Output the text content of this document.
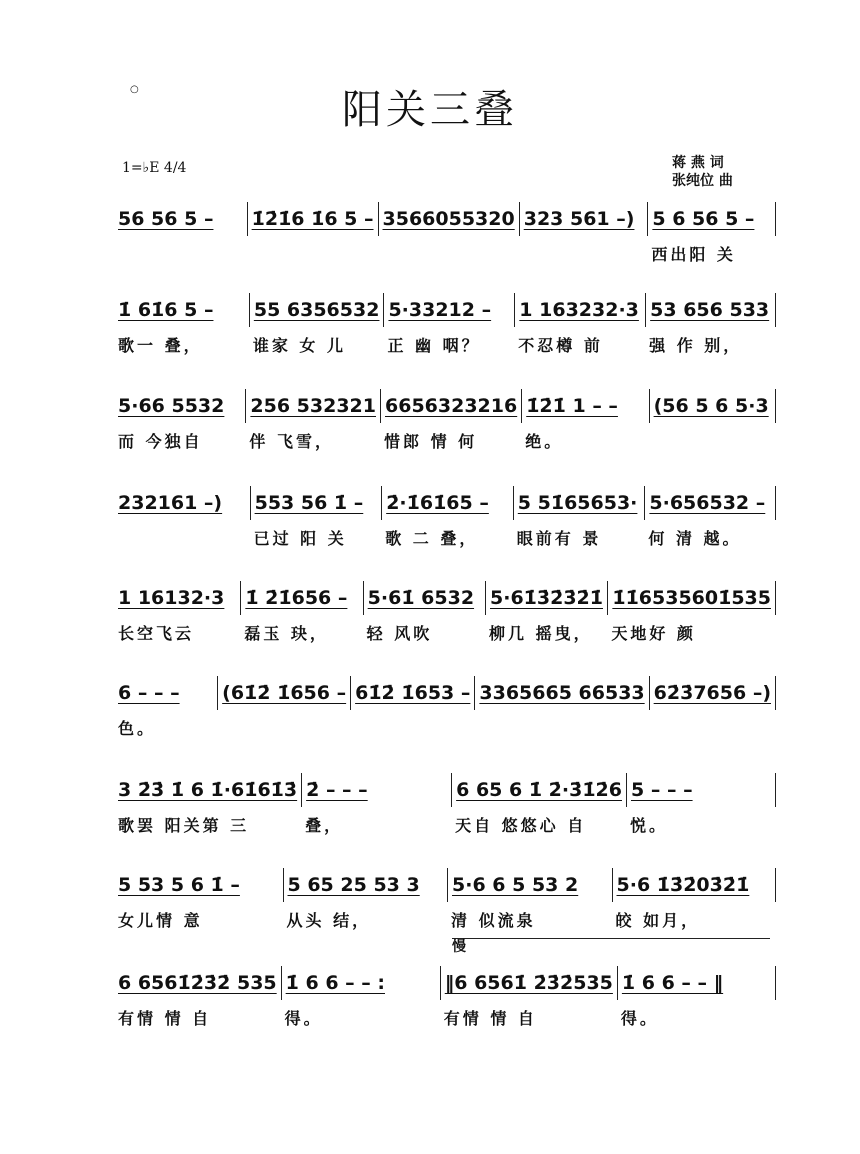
○	阳关三叠
1=♭E 4/4	蒋 燕 词
张纯位 曲
慢
56 56 5 –	1̇2̇1̇6 1̇6 5 – 3566055320 323 561 –) 5 6 56 5 –
西出阳 关
1̇ 61̇6 5 –
歌一 叠，
55 6356532
谁家 女 儿
5·33212 –
正 幽 咽？
1 163232·3
不忍樽 前
53 656 533
强 作 别，
5·66 5532
而 今独自
256 532321
伴 飞雪，
6656323216
惜郎 情 何
1̇2̇1̇ 1 – –
绝。
(56 5 6 5·3
232161 –)	553 56 1̇ –
已过 阳 关
2̇·1̇61̇65 –
歌 二 叠，
5 51̇65653·
眼前有 景
5·656532 –
何 清 越。
1 16132·3
长空飞云
1̇ 2̇1̇656 –
磊玉 玦，
5·61̇ 6532
轻 风吹
5·61̇3̇2̇3̇2̇1̇
柳几 摇曳，
1̇1̇6535601̇535
天地好 颜
6 – – –
色。
(61̇2̇ 1̇656 – 61̇2̇ 1̇653 – 3365665 66533 62̇3̇7656 –)
3 2̇3̇ 1̇ 6 1̇·61̇61̇3̇
歌罢 阳关第 三
2̇ – – –
叠，
6 65 6 1̇ 2̇·3̇1̇2̇6
天自 悠悠心 自
5 – – –
悦。
5 53 5 6 1̇ –
女儿情 意
5 65 25 53 3
从头 结，
5·6 6 5 53 2
清 似流泉
5·6 1̇3̇2̇03̇2̇1̇
皎 如月，
6 6561̇2̇3̇2̇ 535
有情 情 自
1̇ 6 6 – – :
得。
‖6 6561̇ 2̇3̇2̇535
有情 情 自
1̇ 6 6 – – ‖
得。
